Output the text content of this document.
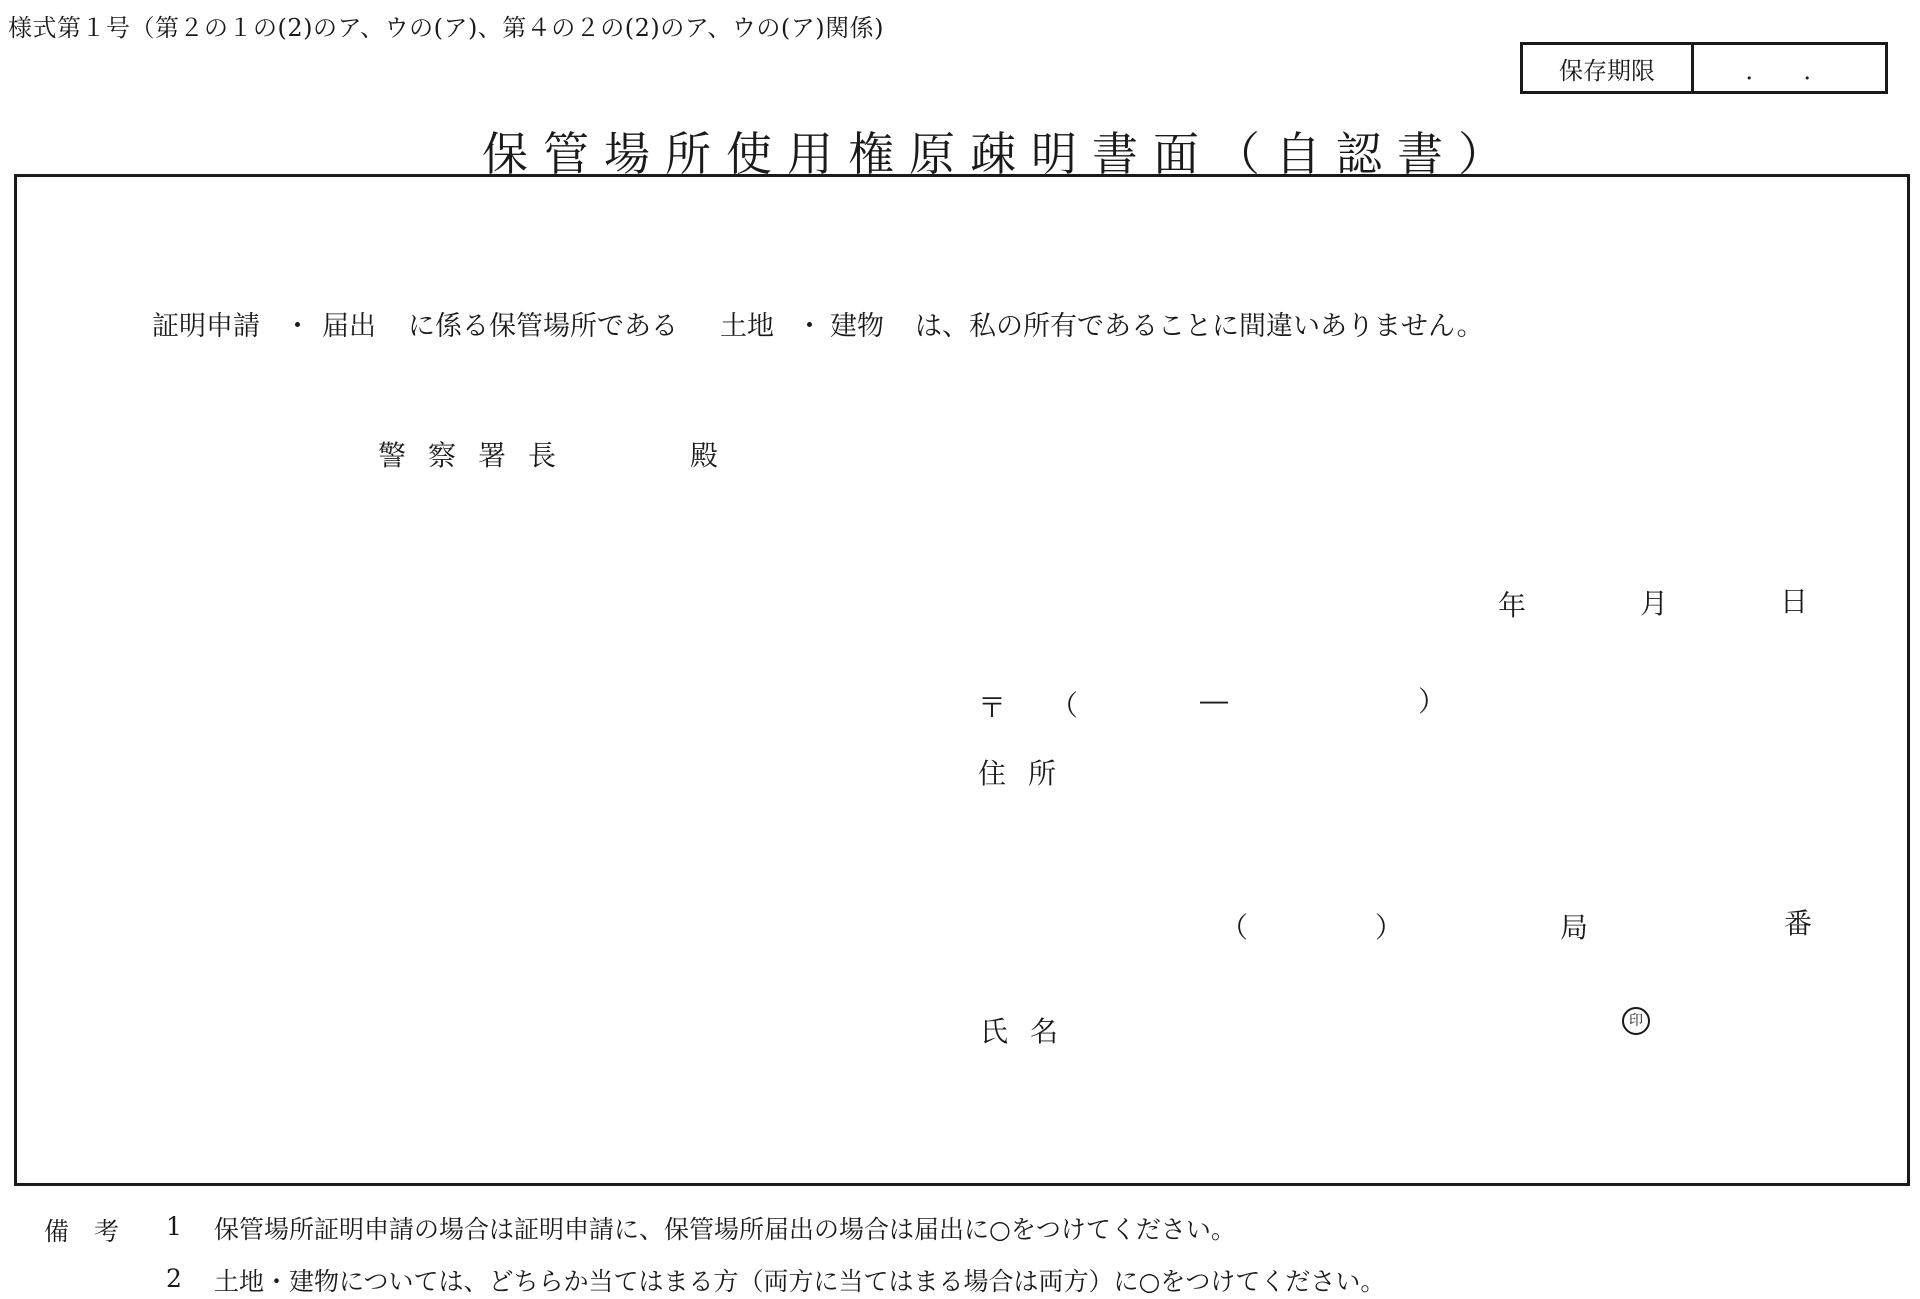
様式第１号（第２の１の(2)のア、ウの(ア)、第４の２の(2)のア、ウの(ア)関係)
保存期限	．．
保管場所使用権原疎明書面（自認書）
証明申請 ・ 届出 に係る保管場所である 土地 ・ 建物 は、私の所有であることに間違いありません。
警察署長	殿
年	月	日
〒 （	―	）
住所
（	）	局	番
氏名	印
備　考 1 保管場所証明申請の場合は証明申請に、保管場所届出の場合は届出に○をつけてください。
2 土地・建物については、どちらか当てはまる方（両方に当てはまる場合は両方）に○をつけてください。
